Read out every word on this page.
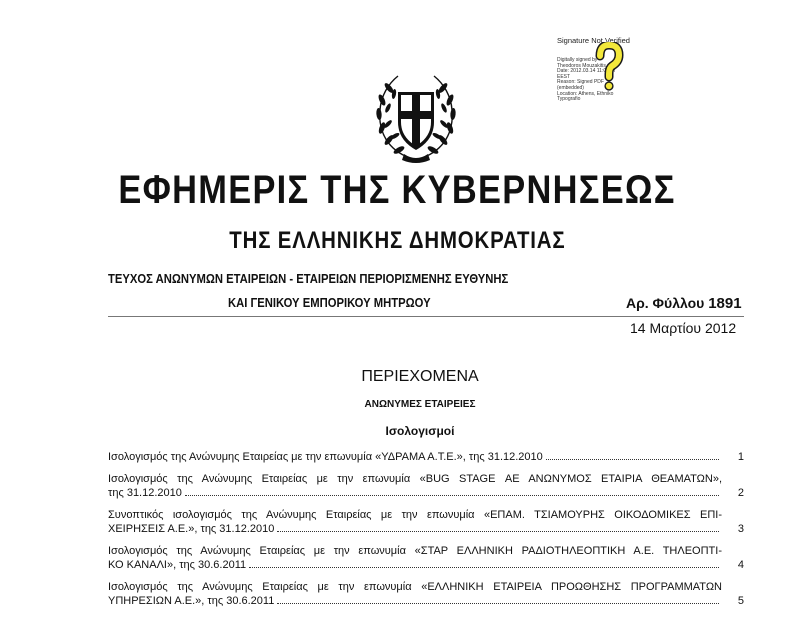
Signature Not Verified
Digitally signed by
Theodoros Mouzakitis
Date: 2012.03.14 11:08:37
EEST
Reason: Signed PDF
(embedded)
Location: Athens, Ethniko
Typografio
ΕΦΗΜΕΡΙΣ ΤΗΣ ΚΥΒΕΡΝΗΣΕΩΣ
ΤΗΣ ΕΛΛΗΝΙΚΗΣ ΔΗΜΟΚΡΑΤΙΑΣ
ΤΕΥΧΟΣ ΑΝΩΝΥΜΩΝ ΕΤΑΙΡΕΙΩΝ - ΕΤΑΙΡΕΙΩΝ ΠΕΡΙΟΡΙΣΜΕΝΗΣ ΕΥΘΥΝΗΣ
ΚΑΙ ΓΕΝΙΚΟΥ ΕΜΠΟΡΙΚΟΥ ΜΗΤΡΩΟΥ	Αρ. Φύλλου 1891
14 Μαρτίου 2012
ΠΕΡΙΕΧΟΜΕΝΑ
ΑΝΩΝΥΜΕΣ ΕΤΑΙΡΕΙΕΣ
Ισολογισμοί
Ισολογισμός της Ανώνυμης Εταιρείας με την επωνυμία «ΥΔΡΑΜΑ Α.Τ.Ε.», της 31.12.2010	1
Ισολογισμός της Ανώνυμης Εταιρείας με την επωνυμία «BUG STAGE ΑΕ ΑΝΩΝΥΜΟΣ ΕΤΑΙΡΙΑ ΘΕΑΜΑΤΩΝ»,
της 31.12.2010	2
Συνοπτικός ισολογισμός της Ανώνυμης Εταιρείας με την επωνυμία «ΕΠΑΜ. ΤΣΙΑΜΟΥΡΗΣ ΟΙΚΟΔΟΜΙΚΕΣ ΕΠΙ-
ΧΕΙΡΗΣΕΙΣ Α.Ε.», της 31.12.2010	3
Ισολογισμός της Ανώνυμης Εταιρείας με την επωνυμία «ΣΤΑΡ ΕΛΛΗΝΙΚΗ ΡΑΔΙΟΤΗΛΕΟΠΤΙΚΗ Α.Ε. ΤΗΛΕΟΠΤΙ-
ΚΟ ΚΑΝΑΛΙ», της 30.6.2011	4
Ισολογισμός της Ανώνυμης Εταιρείας με την επωνυμία «ΕΛΛΗΝΙΚΗ ΕΤΑΙΡΕΙΑ ΠΡΟΩΘΗΣΗΣ ΠΡΟΓΡΑΜΜΑΤΩΝ
ΥΠΗΡΕΣΙΩΝ Α.Ε.», της 30.6.2011	5
